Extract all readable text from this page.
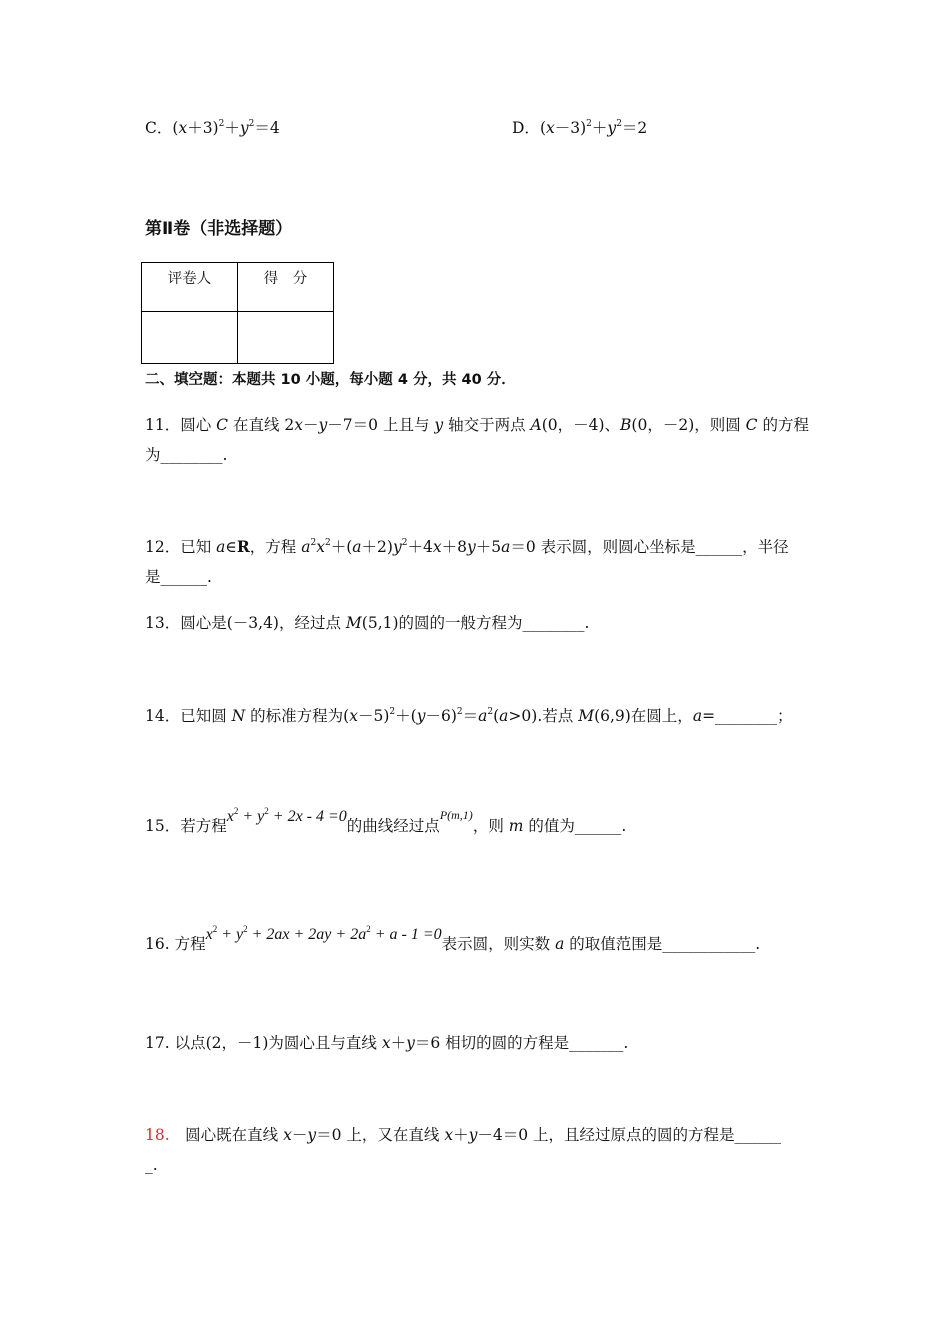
C．$(x+3)^2+y^2=4$	D．$(x-3)^2+y^2=2$
第Ⅱ卷（非选择题）
评卷人	得　分

二、填空题：本题共 10 小题，每小题 4 分，共 40 分．
11．圆心 C 在直线 2x－y－7＝0 上且与 y 轴交于两点 A(0，－4)、B(0，－2)，则圆 C 的方程
为________.
12．已知 a∈R，方程 $a^2x^2+(a+2)y^2+4x+8y+5a=0$ 表示圆，则圆心坐标是______，半径
是______.
13．圆心是(－3,4)，经过点 M(5,1)的圆的一般方程为________.
14．已知圆 N 的标准方程为$(x-5)^2+(y-6)^2=a^2(a>0)$.若点 M(6,9)在圆上，a=________；
15．若方程$x^2 + y^2 + 2x - 4 =0$的曲线经过点$^{P(m,1)}$，则 m 的值为______.
16. 方程$x^2 + y^2 + 2ax + 2ay + 2a^2 + a - 1 =0$表示圆，则实数 a 的取值范围是____________.
17. 以点(2，－1)为圆心且与直线 x＋y＝6 相切的圆的方程是_______.
18.　圆心既在直线 x－y＝0 上，又在直线 x＋y－4＝0 上，且经过原点的圆的方程是______
_.
